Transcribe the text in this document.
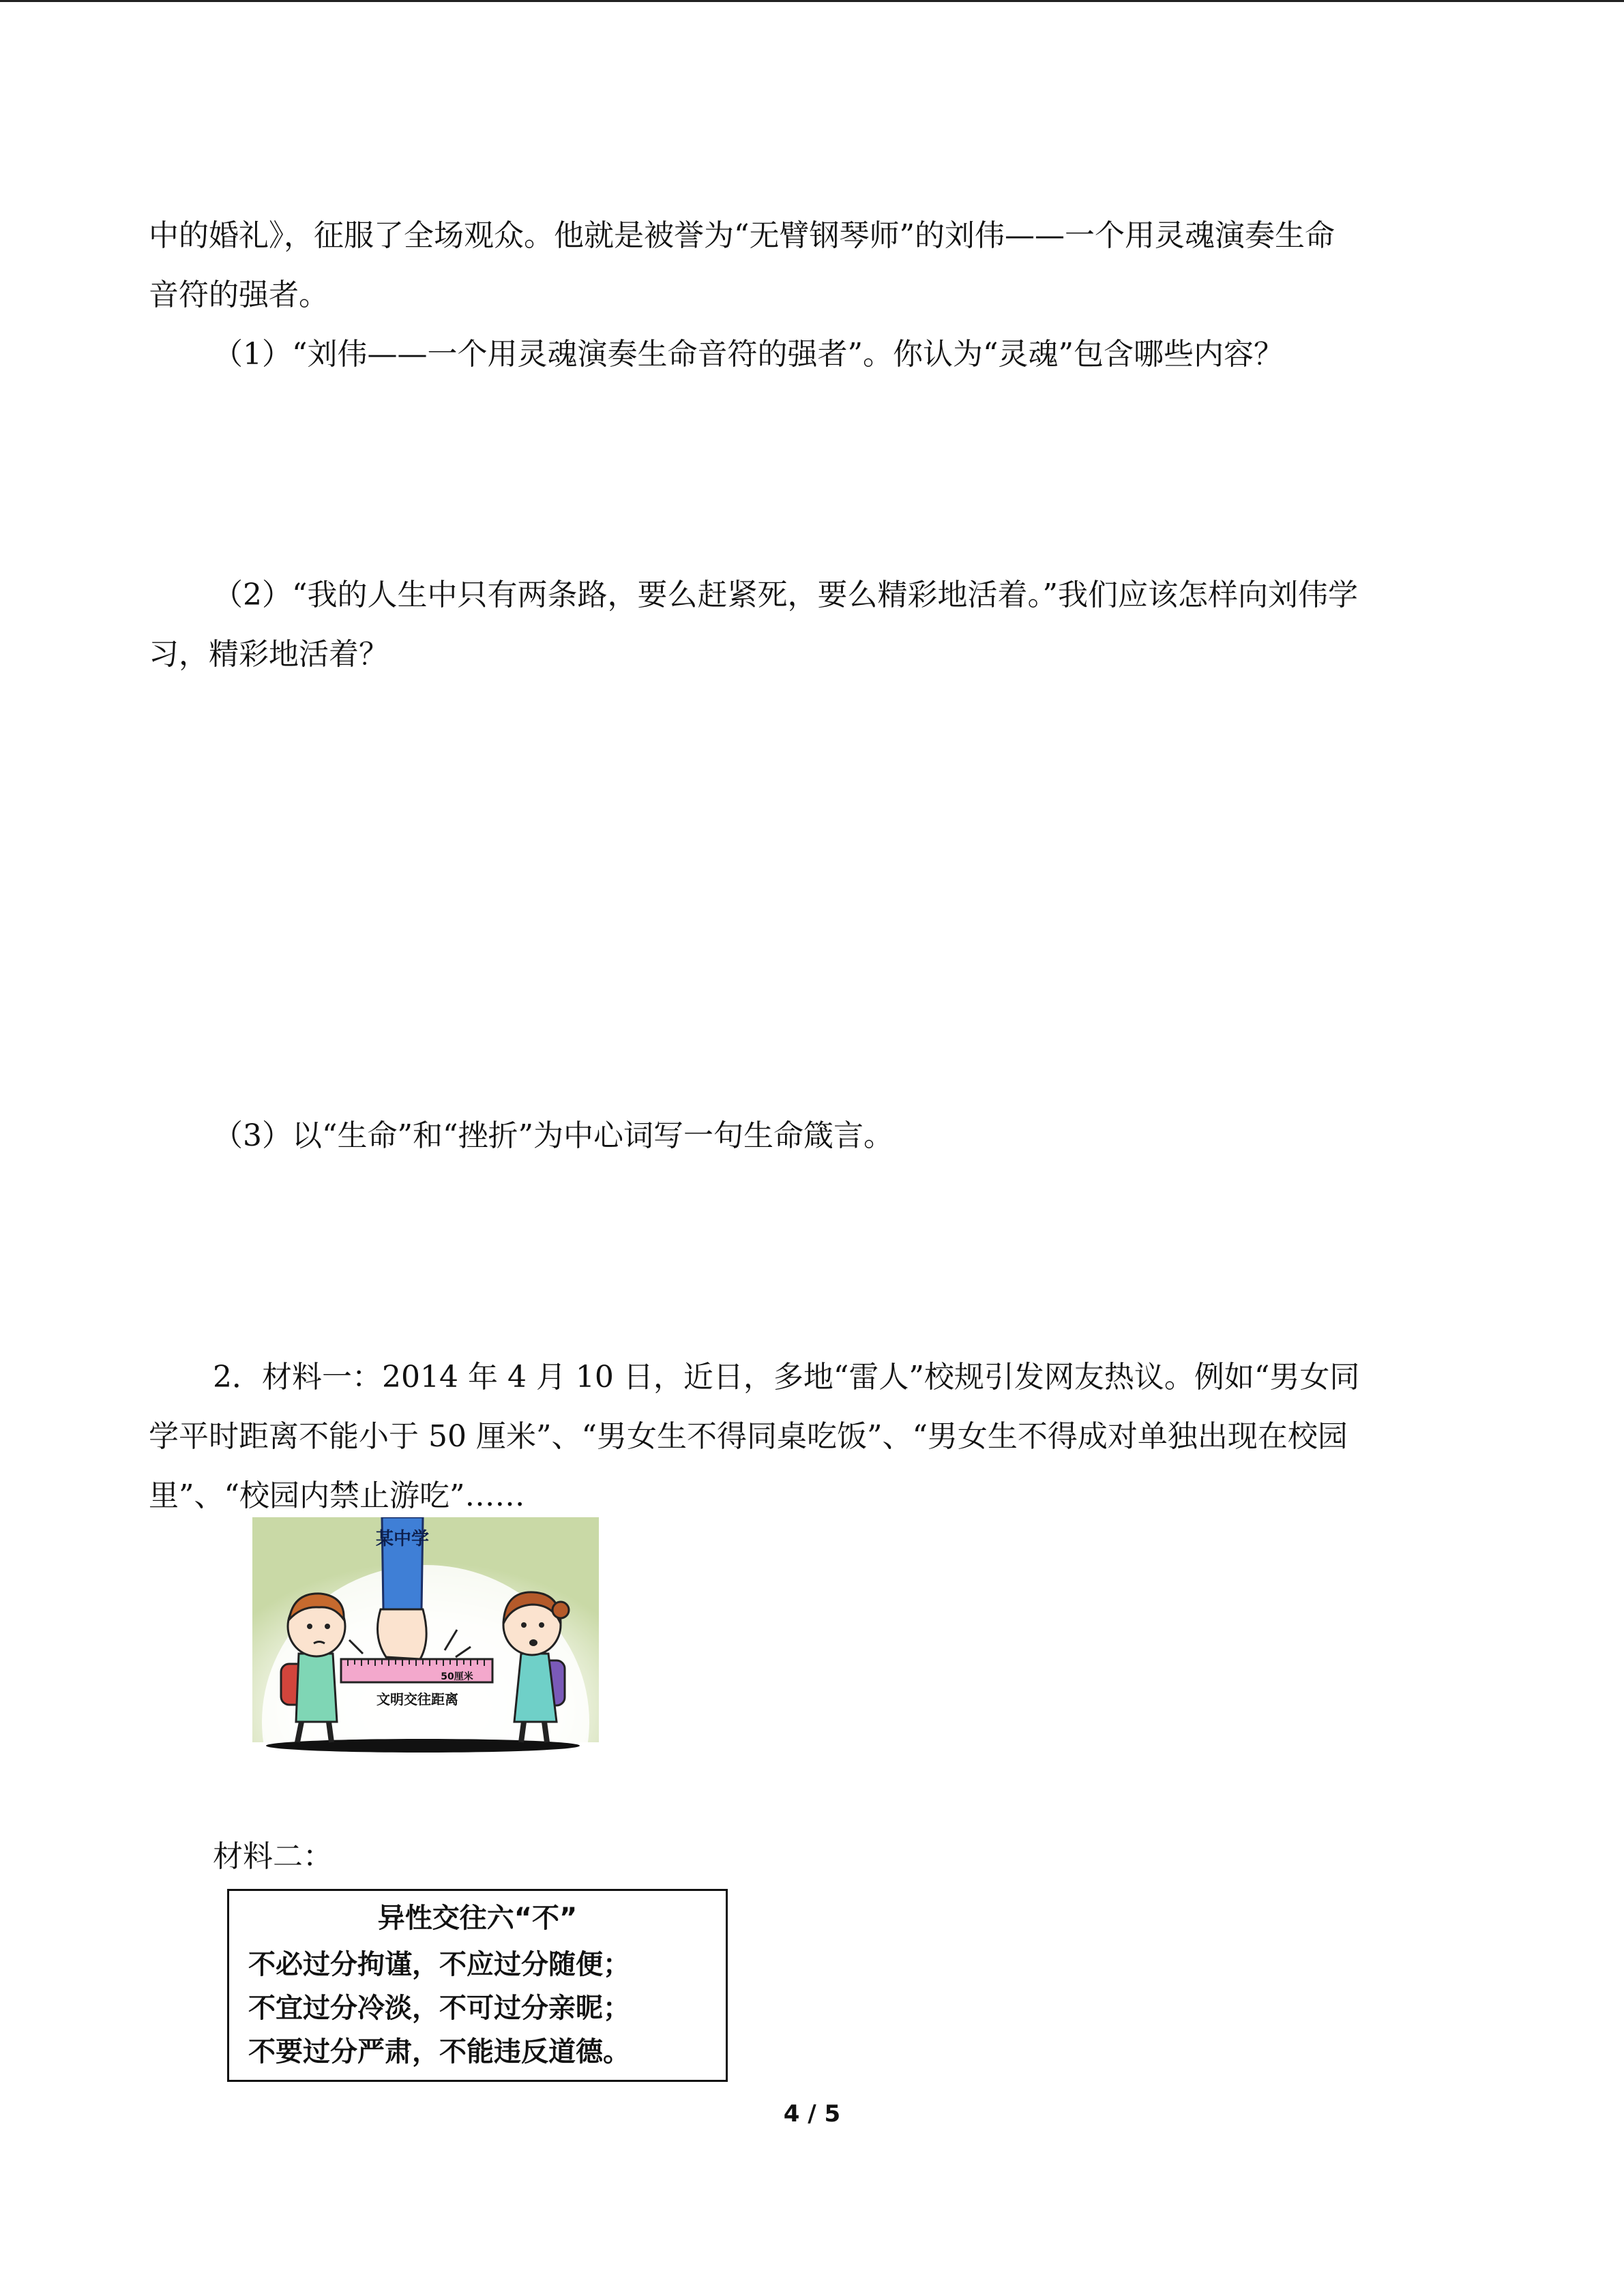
中的婚礼》，征服了全场观众。他就是被誉为“无臂钢琴师”的刘伟——一个用灵魂演奏生命
音符的强者。
（1）“刘伟——一个用灵魂演奏生命音符的强者”。你认为“灵魂”包含哪些内容？
（2）“我的人生中只有两条路，要么赶紧死，要么精彩地活着。”我们应该怎样向刘伟学
习，精彩地活着？
（3）以“生命”和“挫折”为中心词写一句生命箴言。
2．材料一：2014 年 4 月 10 日，近日，多地“雷人”校规引发网友热议。例如“男女同
学平时距离不能小于 50 厘米”、“男女生不得同桌吃饭”、“男女生不得成对单独出现在校园
里”、“校园内禁止游吃”……
某中学
50厘米
文明交往距离
材料二：
异性交往六“不”
不必过分拘谨，不应过分随便；
不宜过分冷淡，不可过分亲昵；
不要过分严肃，不能违反道德。
4 / 5
